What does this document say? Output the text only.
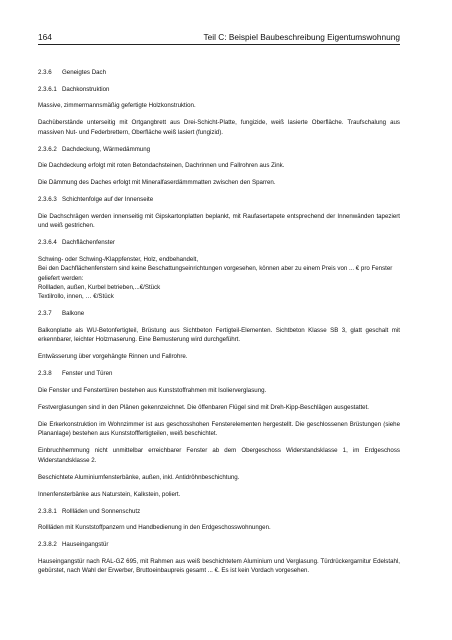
164	Teil C: Beispiel Baubeschreibung Eigentumswohnung
2.3.6	Geneigtes Dach
2.3.6.1 Dachkonstruktion
Massive, zimmermannsmäßig gefertigte Holzkonstruktion.
Dachüberstände unterseitig mit Ortgangbrett aus Drei-Schicht-Platte, fungizide, weiß lasierte Oberfläche. Traufschalung aus massiven Nut- und Federbrettern, Oberfläche weiß lasiert (fungizid).
2.3.6.2 Dachdeckung, Wärmedämmung
Die Dachdeckung erfolgt mit roten Betondachsteinen, Dachrinnen und Fallrohren aus Zink.
Die Dämmung des Daches erfolgt mit Mineralfaserdämmmatten zwischen den Sparren.
2.3.6.3 Schichtenfolge auf der Innenseite
Die Dachschrägen werden innenseitig mit Gipskartonplatten beplankt, mit Raufasertapete entsprechend der Innenwänden tapeziert und weiß gestrichen.
2.3.6.4 Dachflächenfenster
Schwing- oder Schwing-/Klappfenster, Holz, endbehandelt,
Bei den Dachflächenfenstern sind keine Beschattungseinrichtungen vorgesehen, können aber zu einem Preis von ... € pro Fenster geliefert werden:
Rollladen, außen, Kurbel betrieben,...€/Stück
Textilrollo, innen, … €/Stück
2.3.7	Balkone
Balkonplatte als WU-Betonfertigteil, Brüstung aus Sichtbeton Fertigteil-Elementen. Sichtbeton Klasse SB 3, glatt geschalt mit erkennbarer, leichter Holzmaserung. Eine Bemusterung wird durchgeführt.
Entwässerung über vorgehängte Rinnen und Fallrohre.
2.3.8	Fenster und Türen
Die Fenster und Fenstertüren bestehen aus Kunststoffrahmen mit Isolierverglasung.
Festverglasungen sind in den Plänen gekennzeichnet. Die öffenbaren Flügel sind mit Dreh-Kipp-Beschlägen ausgestattet.
Die Erkerkonstruktion im Wohnzimmer ist aus geschosshohen Fensterelementen hergestellt. Die geschlossenen Brüstungen (siehe Plananlage) bestehen aus Kunststofffertigteilen, weiß beschichtet.
Einbruchhemmung nicht unmittelbar erreichbarer Fenster ab dem Obergeschoss Widerstandsklasse 1, im Erdgeschoss Widerstandsklasse 2.
Beschichtete Aluminiumfensterbänke, außen, inkl. Antidröhnbeschichtung.
Innenfensterbänke aus Naturstein, Kalkstein, poliert.
2.3.8.1 Rollläden und Sonnenschutz
Rollläden mit Kunststoffpanzern und Handbedienung in den Erdgeschosswohnungen.
2.3.8.2 Hauseingangstür
Hauseingangstür nach RAL-GZ 695, mit Rahmen aus weiß beschichtetem Aluminium und Verglasung. Türdrückergarnitur Edelstahl, gebürstet, nach Wahl der Erwerber, Bruttoeinbaupreis gesamt ... €. Es ist kein Vordach vorgesehen.
